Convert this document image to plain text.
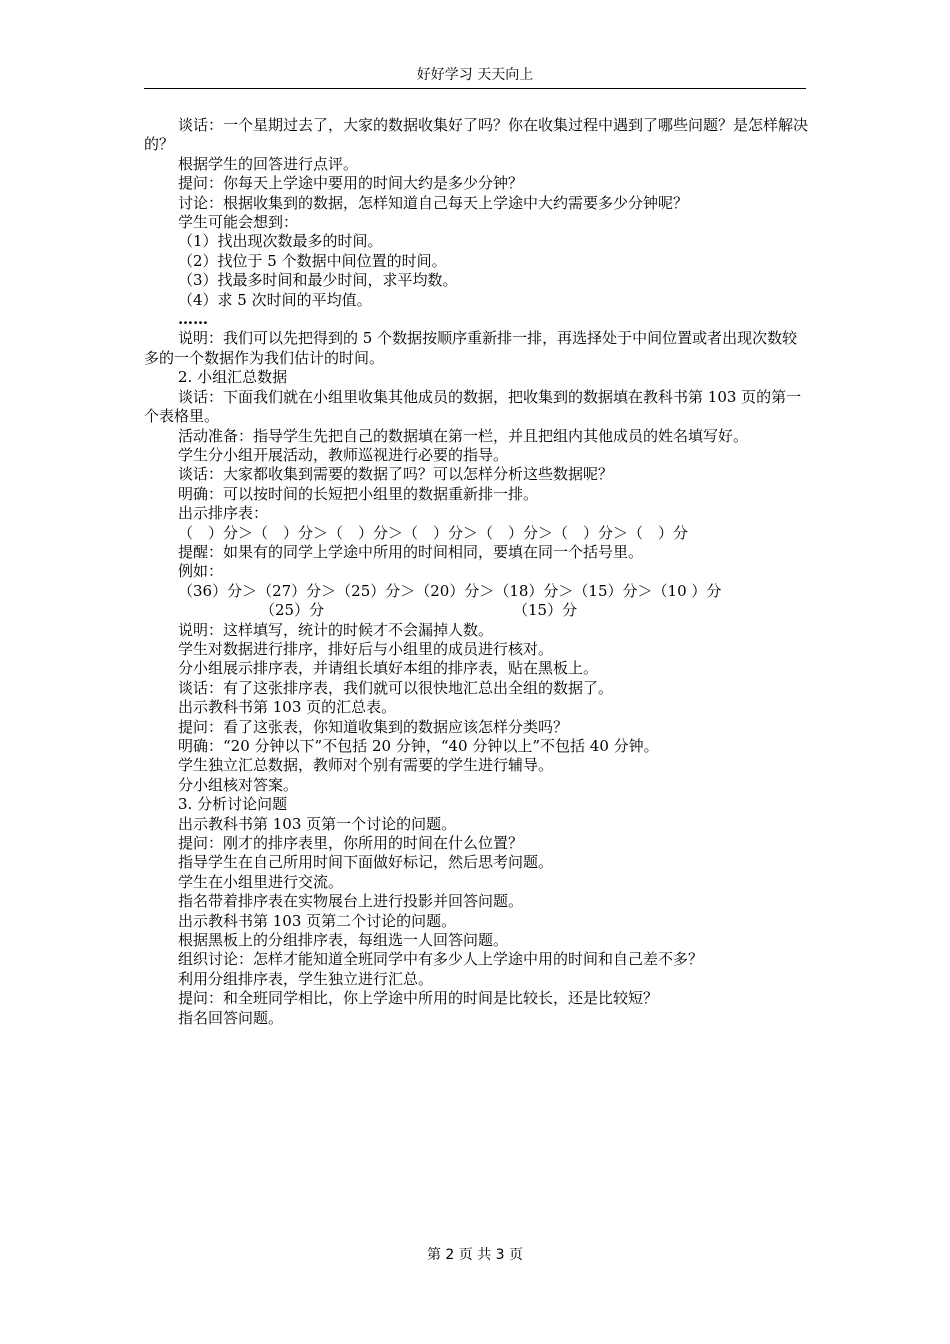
好好学习 天天向上

谈话：一个星期过去了，大家的数据收集好了吗？你在收集过程中遇到了哪些问题？是怎样解决的？

根据学生的回答进行点评。

提问：你每天上学途中要用的时间大约是多少分钟？

讨论：根据收集到的数据，怎样知道自己每天上学途中大约需要多少分钟呢？

学生可能会想到：

（1）找出现次数最多的时间。

（2）找位于 5 个数据中间位置的时间。

（3）找最多时间和最少时间，求平均数。

（4）求 5 次时间的平均值。

……

说明：我们可以先把得到的 5 个数据按顺序重新排一排，再选择处于中间位置或者出现次数较多的一个数据作为我们估计的时间。

2. 小组汇总数据

谈话：下面我们就在小组里收集其他成员的数据，把收集到的数据填在教科书第 103 页的第一个表格里。

活动准备：指导学生先把自己的数据填在第一栏，并且把组内其他成员的姓名填写好。

学生分小组开展活动，教师巡视进行必要的指导。

谈话：大家都收集到需要的数据了吗？可以怎样分析这些数据呢？

明确：可以按时间的长短把小组里的数据重新排一排。

出示排序表：

（　）分＞（　）分＞（　）分＞（　）分＞（　）分＞（　）分＞（　）分

提醒：如果有的同学上学途中所用的时间相同，要填在同一个括号里。

例如：

（36）分＞（27）分＞（25）分＞（20）分＞（18）分＞（15）分＞（10 ）分

（25）分	（15）分

说明：这样填写，统计的时候才不会漏掉人数。

学生对数据进行排序，排好后与小组里的成员进行核对。

分小组展示排序表，并请组长填好本组的排序表，贴在黑板上。

谈话：有了这张排序表，我们就可以很快地汇总出全组的数据了。

出示教科书第 103 页的汇总表。

提问：看了这张表，你知道收集到的数据应该怎样分类吗？

明确：“20 分钟以下”不包括 20 分钟，“40 分钟以上”不包括 40 分钟。

学生独立汇总数据，教师对个别有需要的学生进行辅导。

分小组核对答案。

3. 分析讨论问题

出示教科书第 103 页第一个讨论的问题。

提问：刚才的排序表里，你所用的时间在什么位置？

指导学生在自己所用时间下面做好标记，然后思考问题。

学生在小组里进行交流。

指名带着排序表在实物展台上进行投影并回答问题。

出示教科书第 103 页第二个讨论的问题。

根据黑板上的分组排序表，每组选一人回答问题。

组织讨论：怎样才能知道全班同学中有多少人上学途中用的时间和自己差不多？

利用分组排序表，学生独立进行汇总。

提问：和全班同学相比，你上学途中所用的时间是比较长，还是比较短？

指名回答问题。

第 2 页 共 3 页
